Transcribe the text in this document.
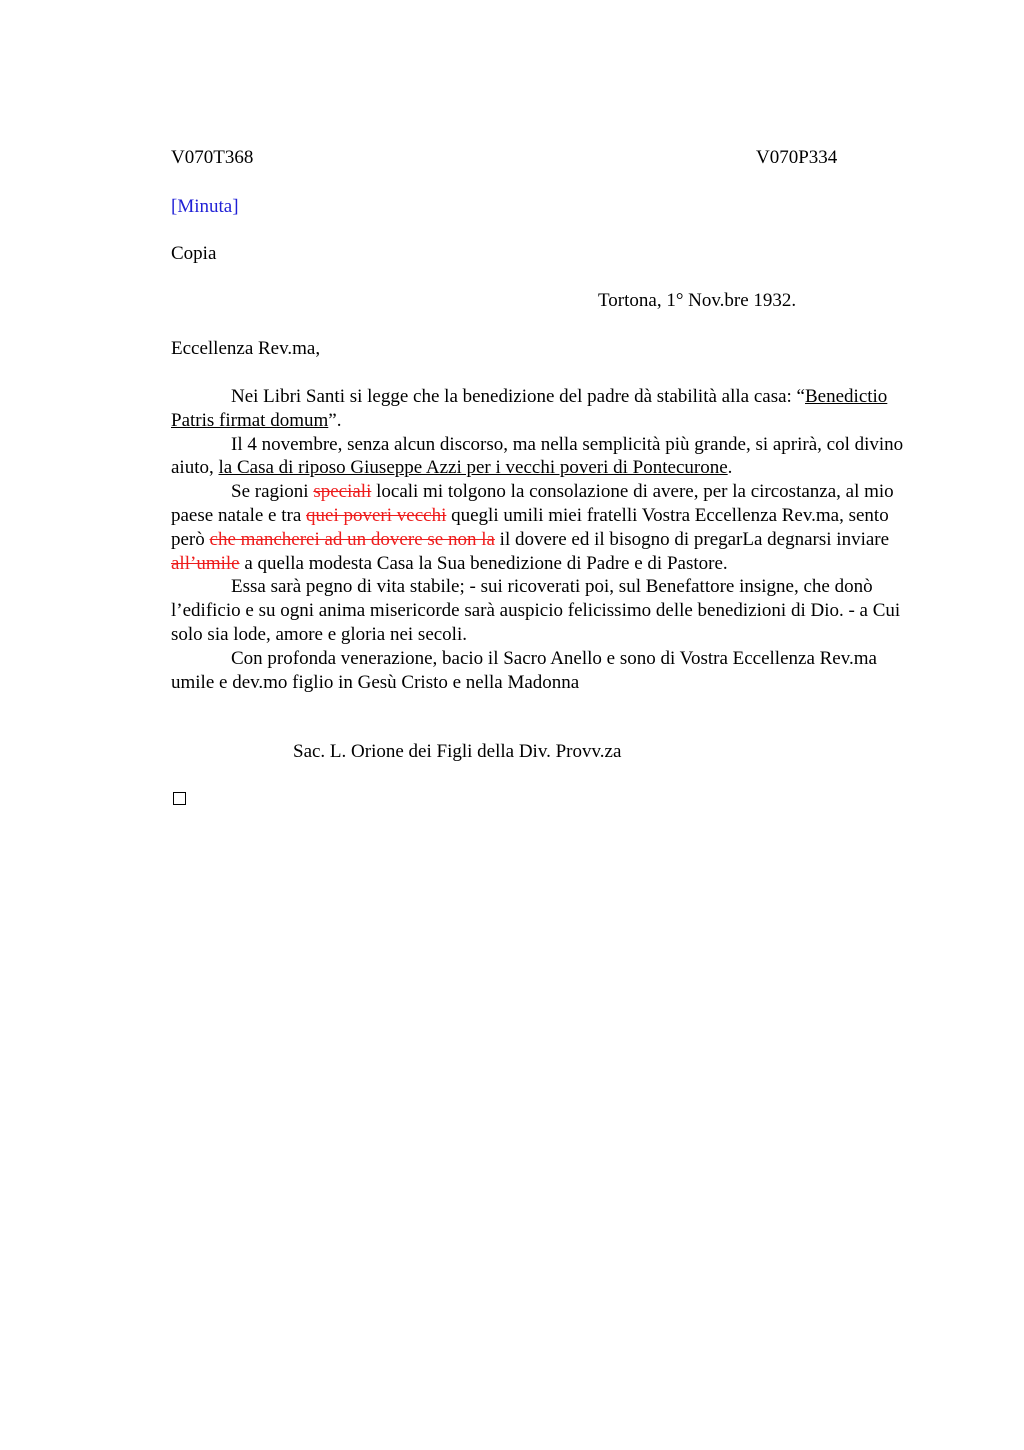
V070T368	V070P334
[Minuta]
Copia
Tortona, 1° Nov.bre 1932.
Eccellenza Rev.ma,

Nei Libri Santi si legge che la benedizione del padre dà stabilità alla casa: “Benedictio Patris firmat domum”.

Il 4 novembre, senza alcun discorso, ma nella semplicità più grande, si aprirà, col divino aiuto, la Casa di riposo Giuseppe Azzi per i vecchi poveri di Pontecurone.

Se ragioni speciali locali mi tolgono la consolazione di avere, per la circostanza, al mio paese natale e tra quei poveri vecchi quegli umili miei fratelli Vostra Eccellenza Rev.ma, sento però che mancherei ad un dovere se non la il dovere ed il bisogno di pregarLa degnarsi inviare all’umile a quella modesta Casa la Sua benedizione di Padre e di Pastore.

Essa sarà pegno di vita stabile; - sui ricoverati poi, sul Benefattore insigne, che donò l’edificio e su ogni anima misericorde sarà auspicio felicissimo delle benedizioni di Dio. - a Cui solo sia lode, amore e gloria nei secoli.

Con profonda venerazione, bacio il Sacro Anello e sono di Vostra Eccellenza Rev.ma umile e dev.mo figlio in Gesù Cristo e nella Madonna

Sac. L. Orione dei Figli della Div. Provv.za
